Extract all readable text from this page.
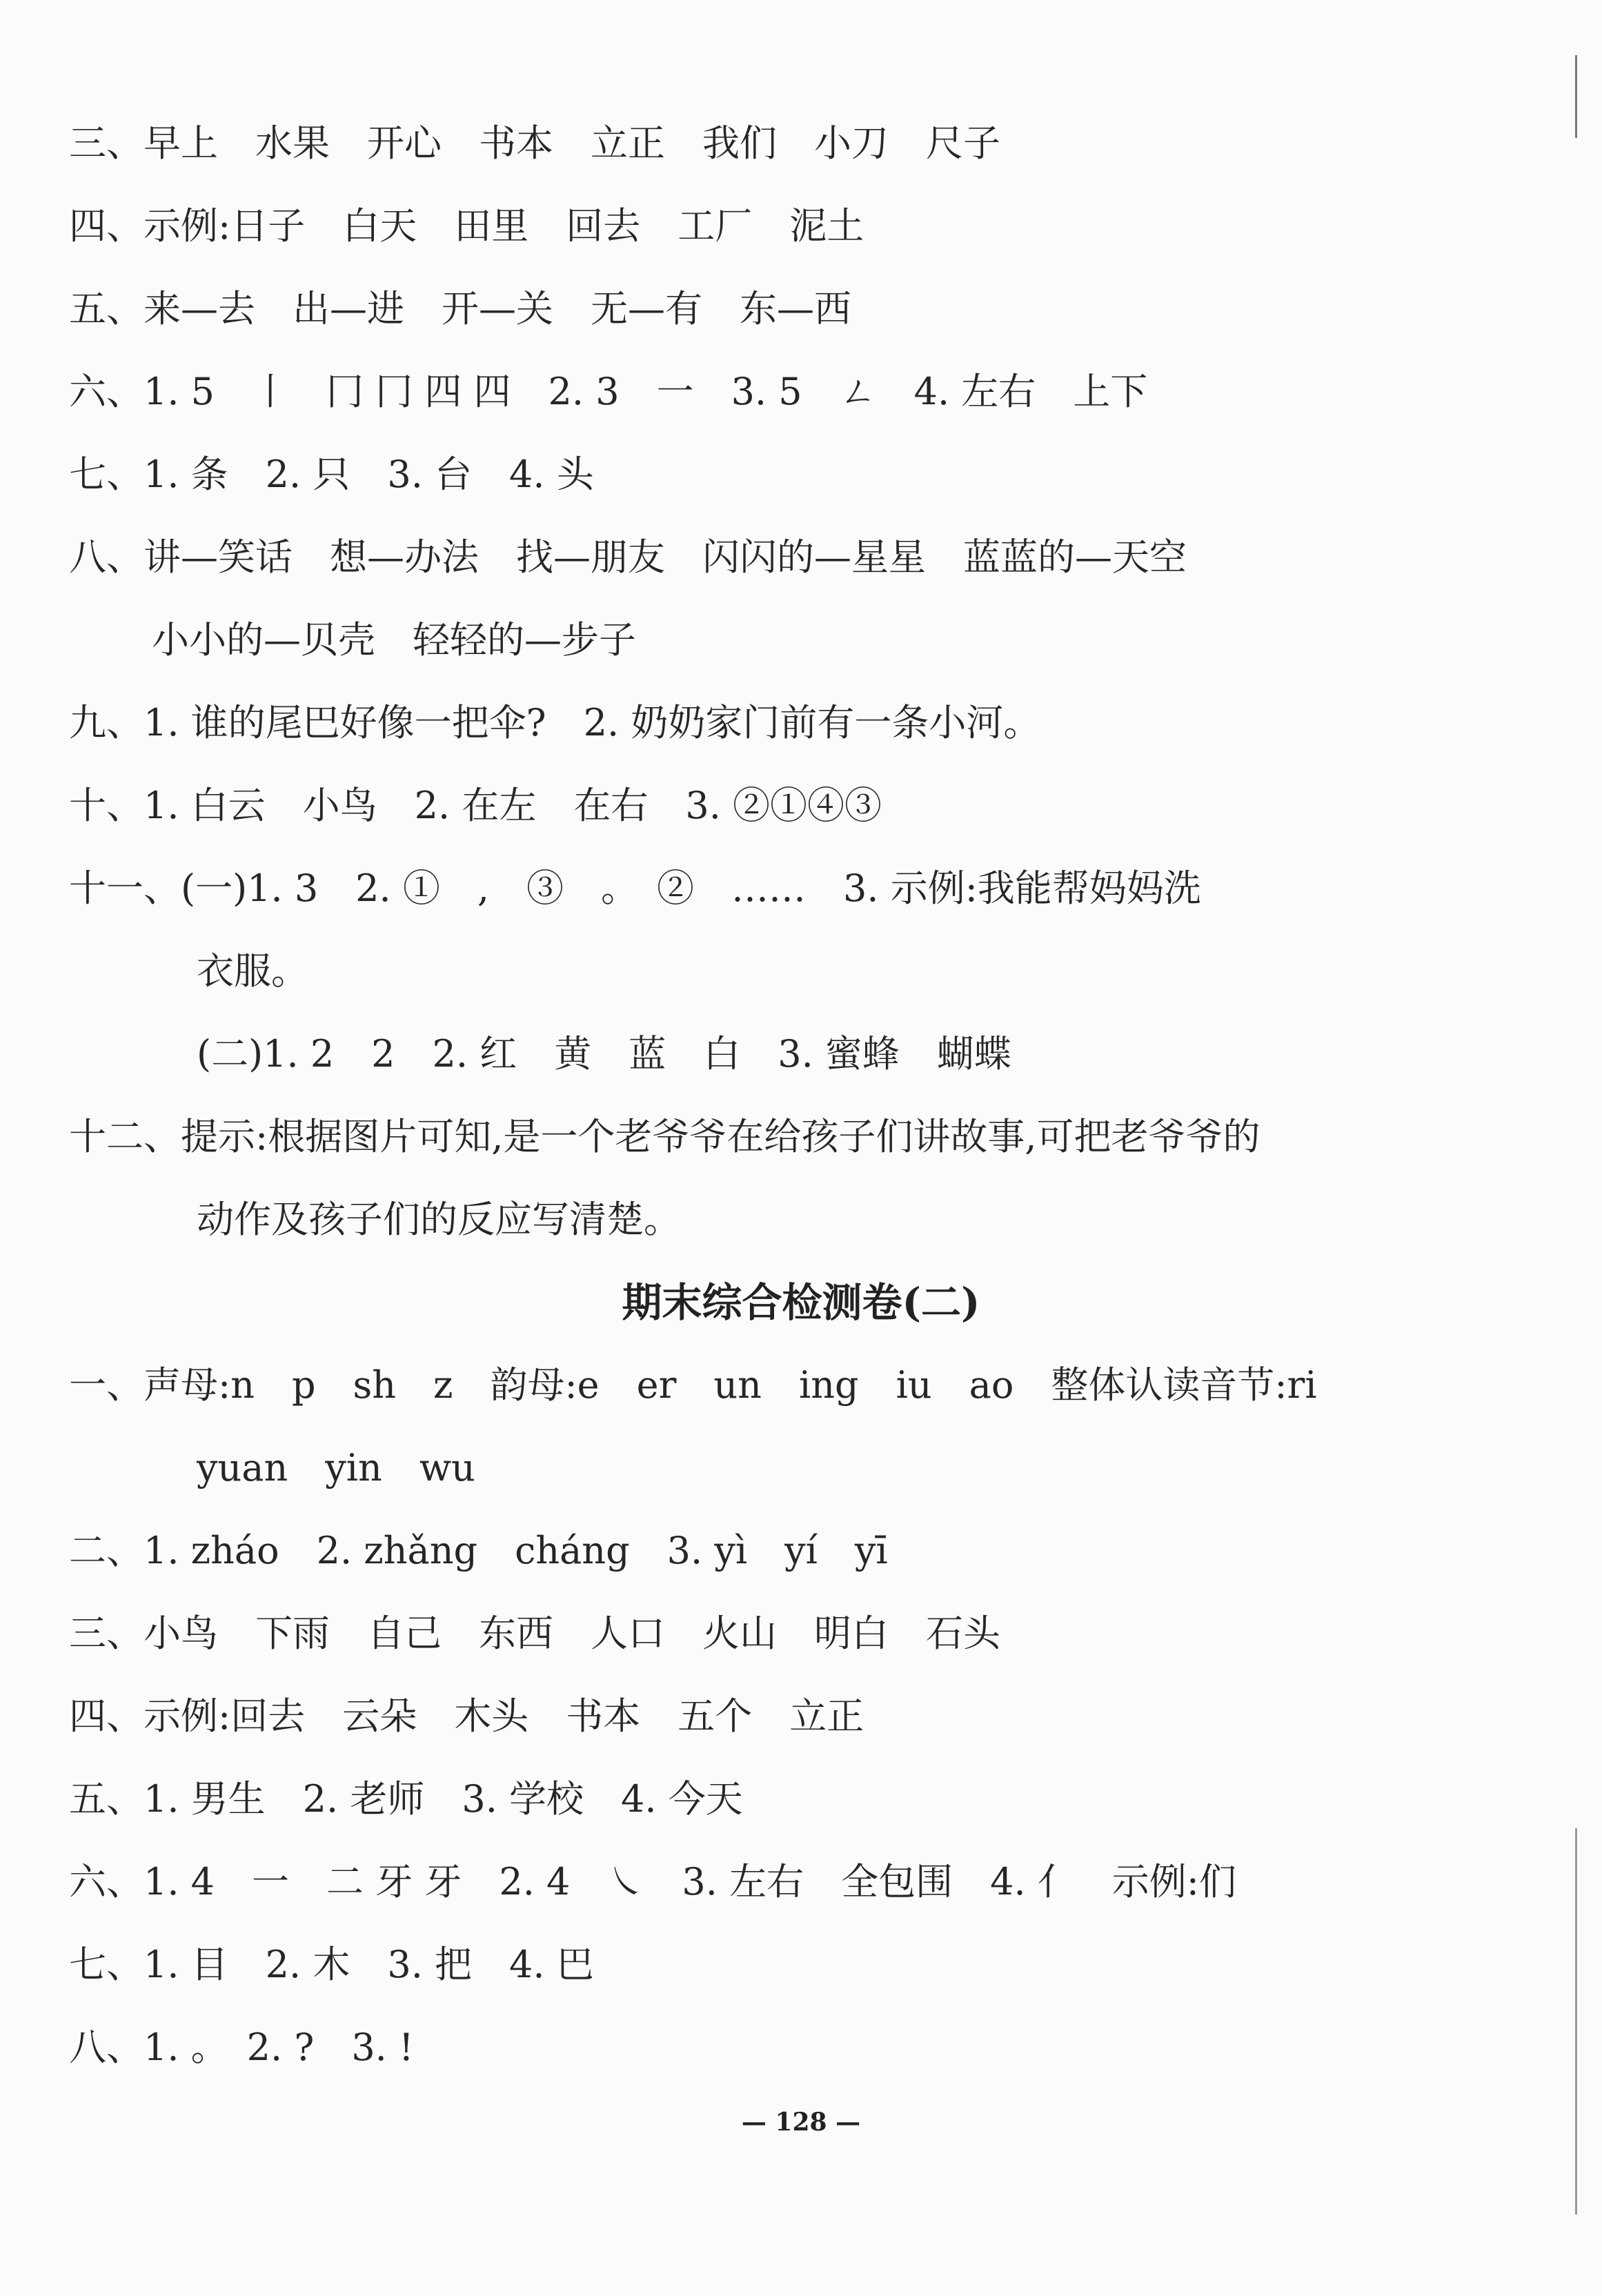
三、早上　水果　开心　书本　立正　我们　小刀　尺子
四、示例:日子　白天　田里　回去　工厂　泥土
五、来—去　出—进　开—关　无—有　东—西
六、1. 5　丨　冂 冂 四 四　2. 3　一　3. 5　ㄥ　4. 左右　上下
七、1. 条　2. 只　3. 台　4. 头
八、讲—笑话　想—办法　找—朋友　闪闪的—星星　蓝蓝的—天空
小小的—贝壳　轻轻的—步子
九、1. 谁的尾巴好像一把伞?　2. 奶奶家门前有一条小河。
十、1. 白云　小鸟　2. 在左　在右　3. ②①④③
十一、(一)1. 3　2. ①　,　③　。　②　……　3. 示例:我能帮妈妈洗
衣服。
(二)1. 2　2　2. 红　黄　蓝　白　3. 蜜蜂　蝴蝶
十二、提示:根据图片可知,是一个老爷爷在给孩子们讲故事,可把老爷爷的
动作及孩子们的反应写清楚。
期末综合检测卷(二)
一、声母:n　p　sh　z　韵母:e　er　un　ing　iu　ao　整体认读音节:ri
yuan　yin　wu
二、1. zháo　2. zhǎng　cháng　3. yì　yí　yī
三、小鸟　下雨　自己　东西　人口　火山　明白　石头
四、示例:回去　云朵　木头　书本　五个　立正
五、1. 男生　2. 老师　3. 学校　4. 今天
六、1. 4　⼀　⼆ 牙 牙　2. 4　㇏　3. 左右　全包围　4. 亻　示例:们
七、1. 目　2. 木　3. 把　4. 巴
八、1. 。　2. ?　3. !
— 128 —
